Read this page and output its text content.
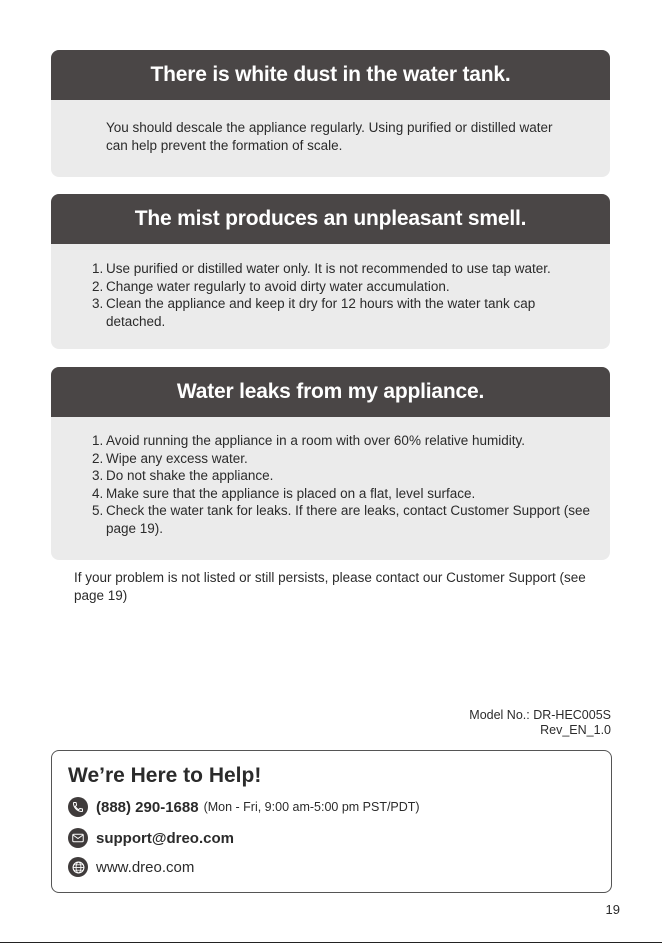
There is white dust in the water tank.

You should descale the appliance regularly. Using purified or distilled water can help prevent the formation of scale.

The mist produces an unpleasant smell.
1. Use purified or distilled water only. It is not recommended to use tap water.
2. Change water regularly to avoid dirty water accumulation.
3. Clean the appliance and keep it dry for 12 hours with the water tank cap detached.
Water leaks from my appliance.
1. Avoid running the appliance in a room with over 60% relative humidity.
2. Wipe any excess water.
3. Do not shake the appliance.
4. Make sure that the appliance is placed on a flat, level surface.
5. Check the water tank for leaks. If there are leaks, contact Customer Support (see page 19).
If your problem is not listed or still persists, please contact our Customer Support (see page 19)
Model No.: DR-HEC005S
Rev_EN_1.0
We’re Here to Help!
(888) 290-1688 (Mon - Fri, 9:00 am-5:00 pm PST/PDT)
support@dreo.com
www.dreo.com
19
